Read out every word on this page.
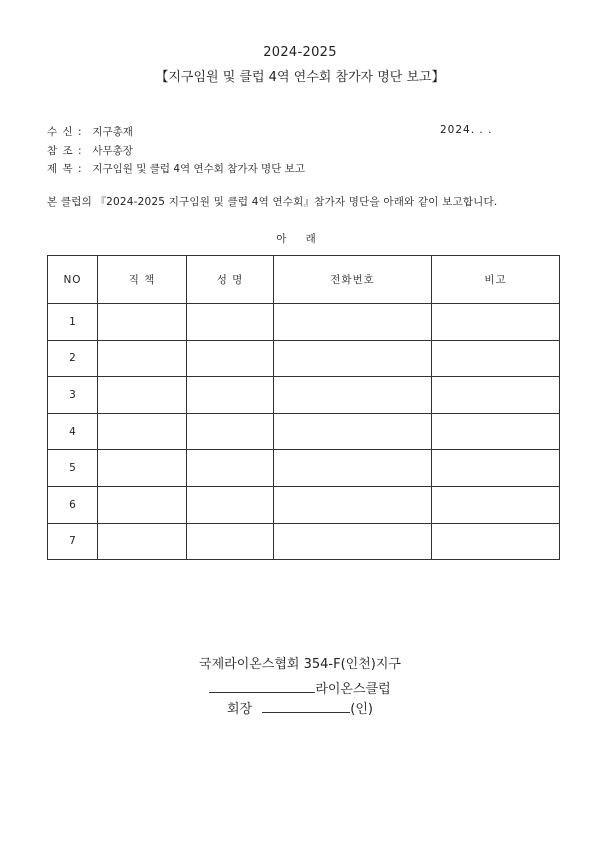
2024-2025
【지구임원 및 클럽 4역 연수회 참가자 명단 보고】
수 신 : 지구총재	2024. . .
참 조 : 사무총장
제 목 : 지구임원 및 클럽 4역 연수회 참가자 명단 보고
본 클럽의 『2024-2025 지구임원 및 클럽 4역 연수회』참가자 명단을 아래와 같이 보고합니다.
아 래
NO	직 책	성 명	전화번호	비고
1				
2				
3				
4				
5				
6				
7				
국제라이온스협회 354-F(인천)지구
라이온스클럽
회장	(인)
